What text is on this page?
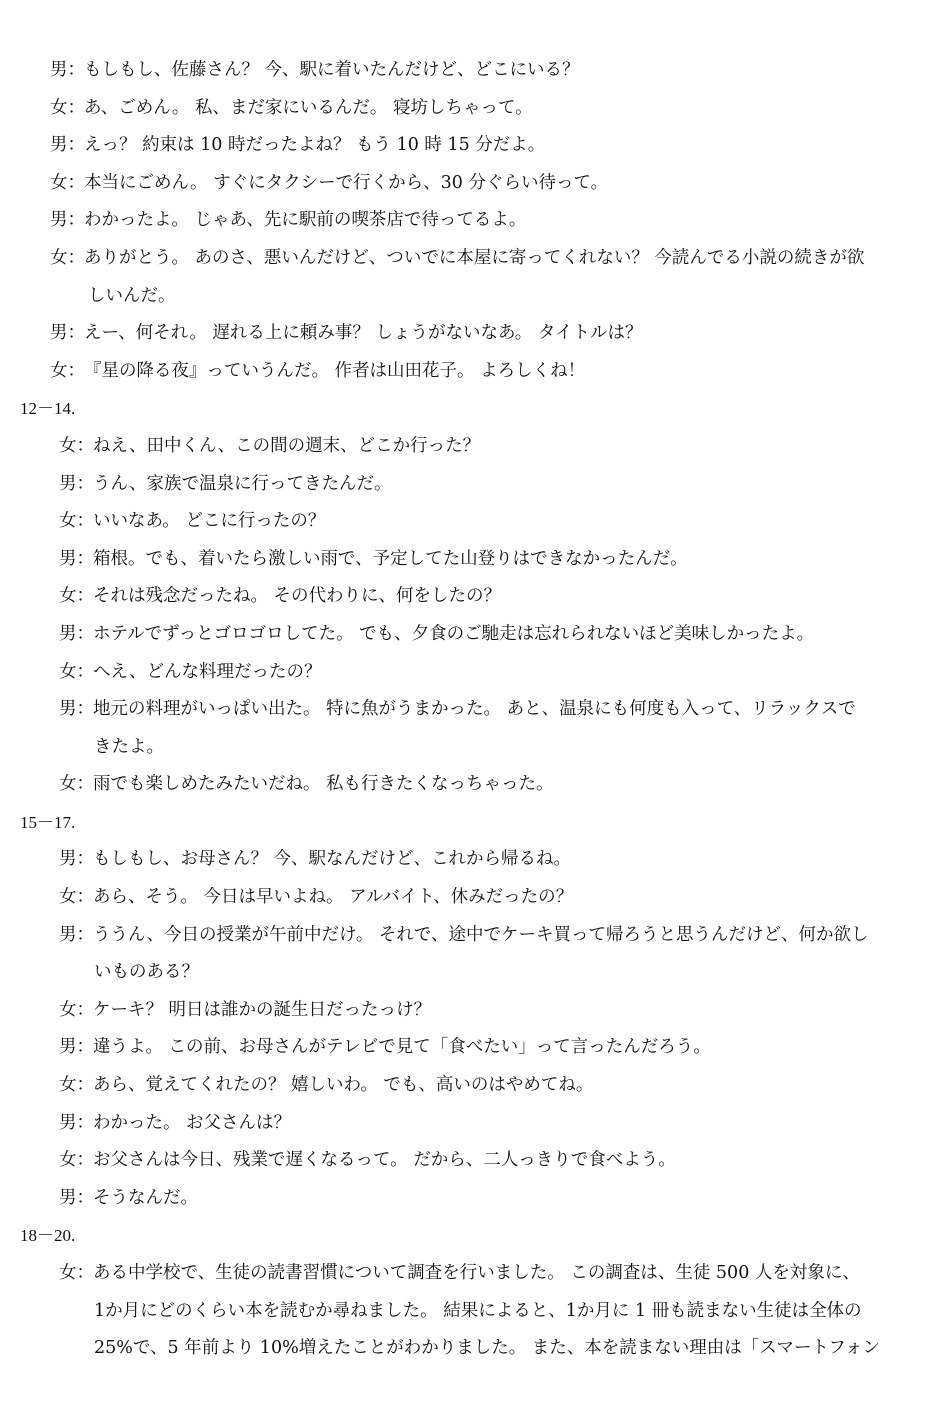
男：もしもし、佐藤さん？ 今、駅に着いたんだけど、どこにいる？
女：あ、ごめん。 私、まだ家にいるんだ。 寝坊しちゃって。
男：えっ？ 約束は 10 時だったよね？ もう 10 時 15 分だよ。
女：本当にごめん。 すぐにタクシーで行くから、30 分ぐらい待って。
男：わかったよ。 じゃあ、先に駅前の喫茶店で待ってるよ。
女：ありがとう。 あのさ、悪いんだけど、ついでに本屋に寄ってくれない？ 今読んでる小説の続きが欲
しいんだ。
男：えー、何それ。 遅れる上に頼み事？ しょうがないなあ。 タイトルは？
女：『星の降る夜』っていうんだ。 作者は山田花子。 よろしくね！
12－14.
女：ねえ、田中くん、この間の週末、どこか行った？
男：うん、家族で温泉に行ってきたんだ。
女：いいなあ。 どこに行ったの？
男：箱根。でも、着いたら激しい雨で、予定してた山登りはできなかったんだ。
女：それは残念だったね。 その代わりに、何をしたの？
男：ホテルでずっとゴロゴロしてた。 でも、夕食のご馳走は忘れられないほど美味しかったよ。
女：へえ、どんな料理だったの？
男：地元の料理がいっぱい出た。 特に魚がうまかった。 あと、温泉にも何度も入って、リラックスで
きたよ。
女：雨でも楽しめたみたいだね。 私も行きたくなっちゃった。
15－17.
男：もしもし、お母さん？ 今、駅なんだけど、これから帰るね。
女：あら、そう。 今日は早いよね。 アルバイト、休みだったの？
男：ううん、今日の授業が午前中だけ。 それで、途中でケーキ買って帰ろうと思うんだけど、何か欲し
いものある？
女：ケーキ？ 明日は誰かの誕生日だったっけ？
男：違うよ。 この前、お母さんがテレビで見て「食べたい」って言ったんだろう。
女：あら、覚えてくれたの？ 嬉しいわ。 でも、高いのはやめてね。
男：わかった。 お父さんは？
女：お父さんは今日、残業で遅くなるって。 だから、二人っきりで食べよう。
男：そうなんだ。
18－20.
女：ある中学校で、生徒の読書習慣について調査を行いました。 この調査は、生徒 500 人を対象に、
1か月にどのくらい本を読むか尋ねました。 結果によると、1か月に 1 冊も読まない生徒は全体の
25%で、5 年前より 10%増えたことがわかりました。 また、本を読まない理由は「スマートフォン
